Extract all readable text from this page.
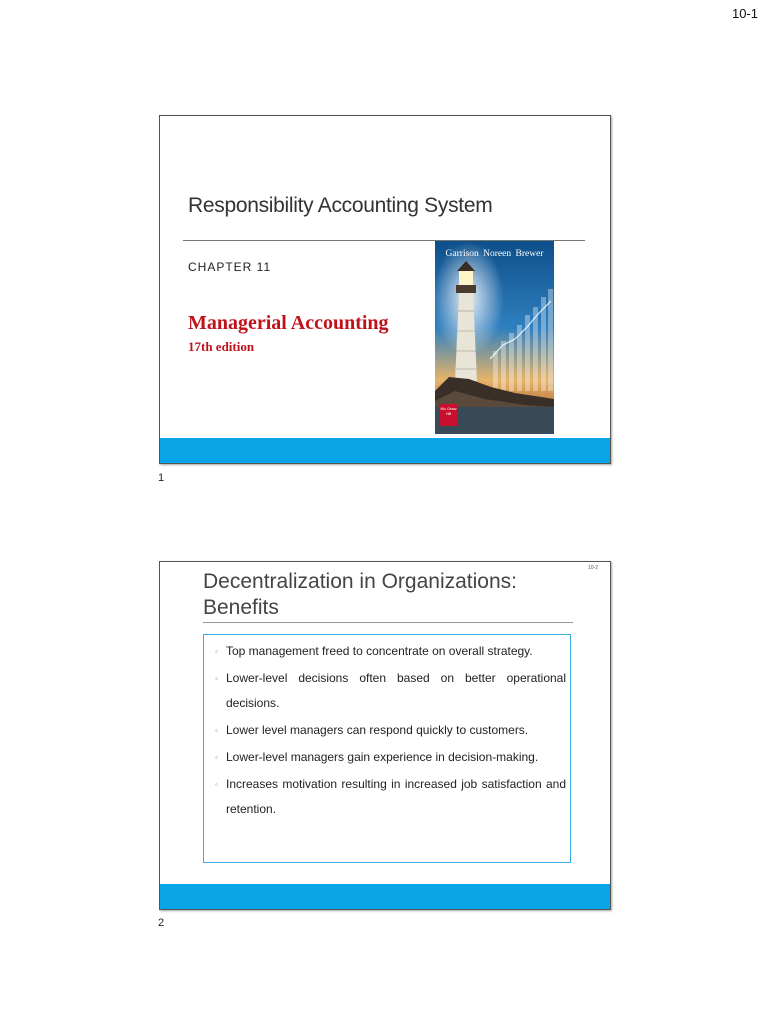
10-1
Responsibility Accounting System
CHAPTER 11
Managerial Accounting
17th edition
Garrison Noreen Brewer
Mc Graw Hill
1
10-2
Decentralization in Organizations:
Benefits
◦ Top management freed to concentrate on overall strategy.
◦ Lower-level decisions often based on better operational decisions.
◦ Lower level managers can respond quickly to customers.
◦ Lower-level managers gain experience in decision-making.
◦ Increases motivation resulting in increased job satisfaction and retention.
2
